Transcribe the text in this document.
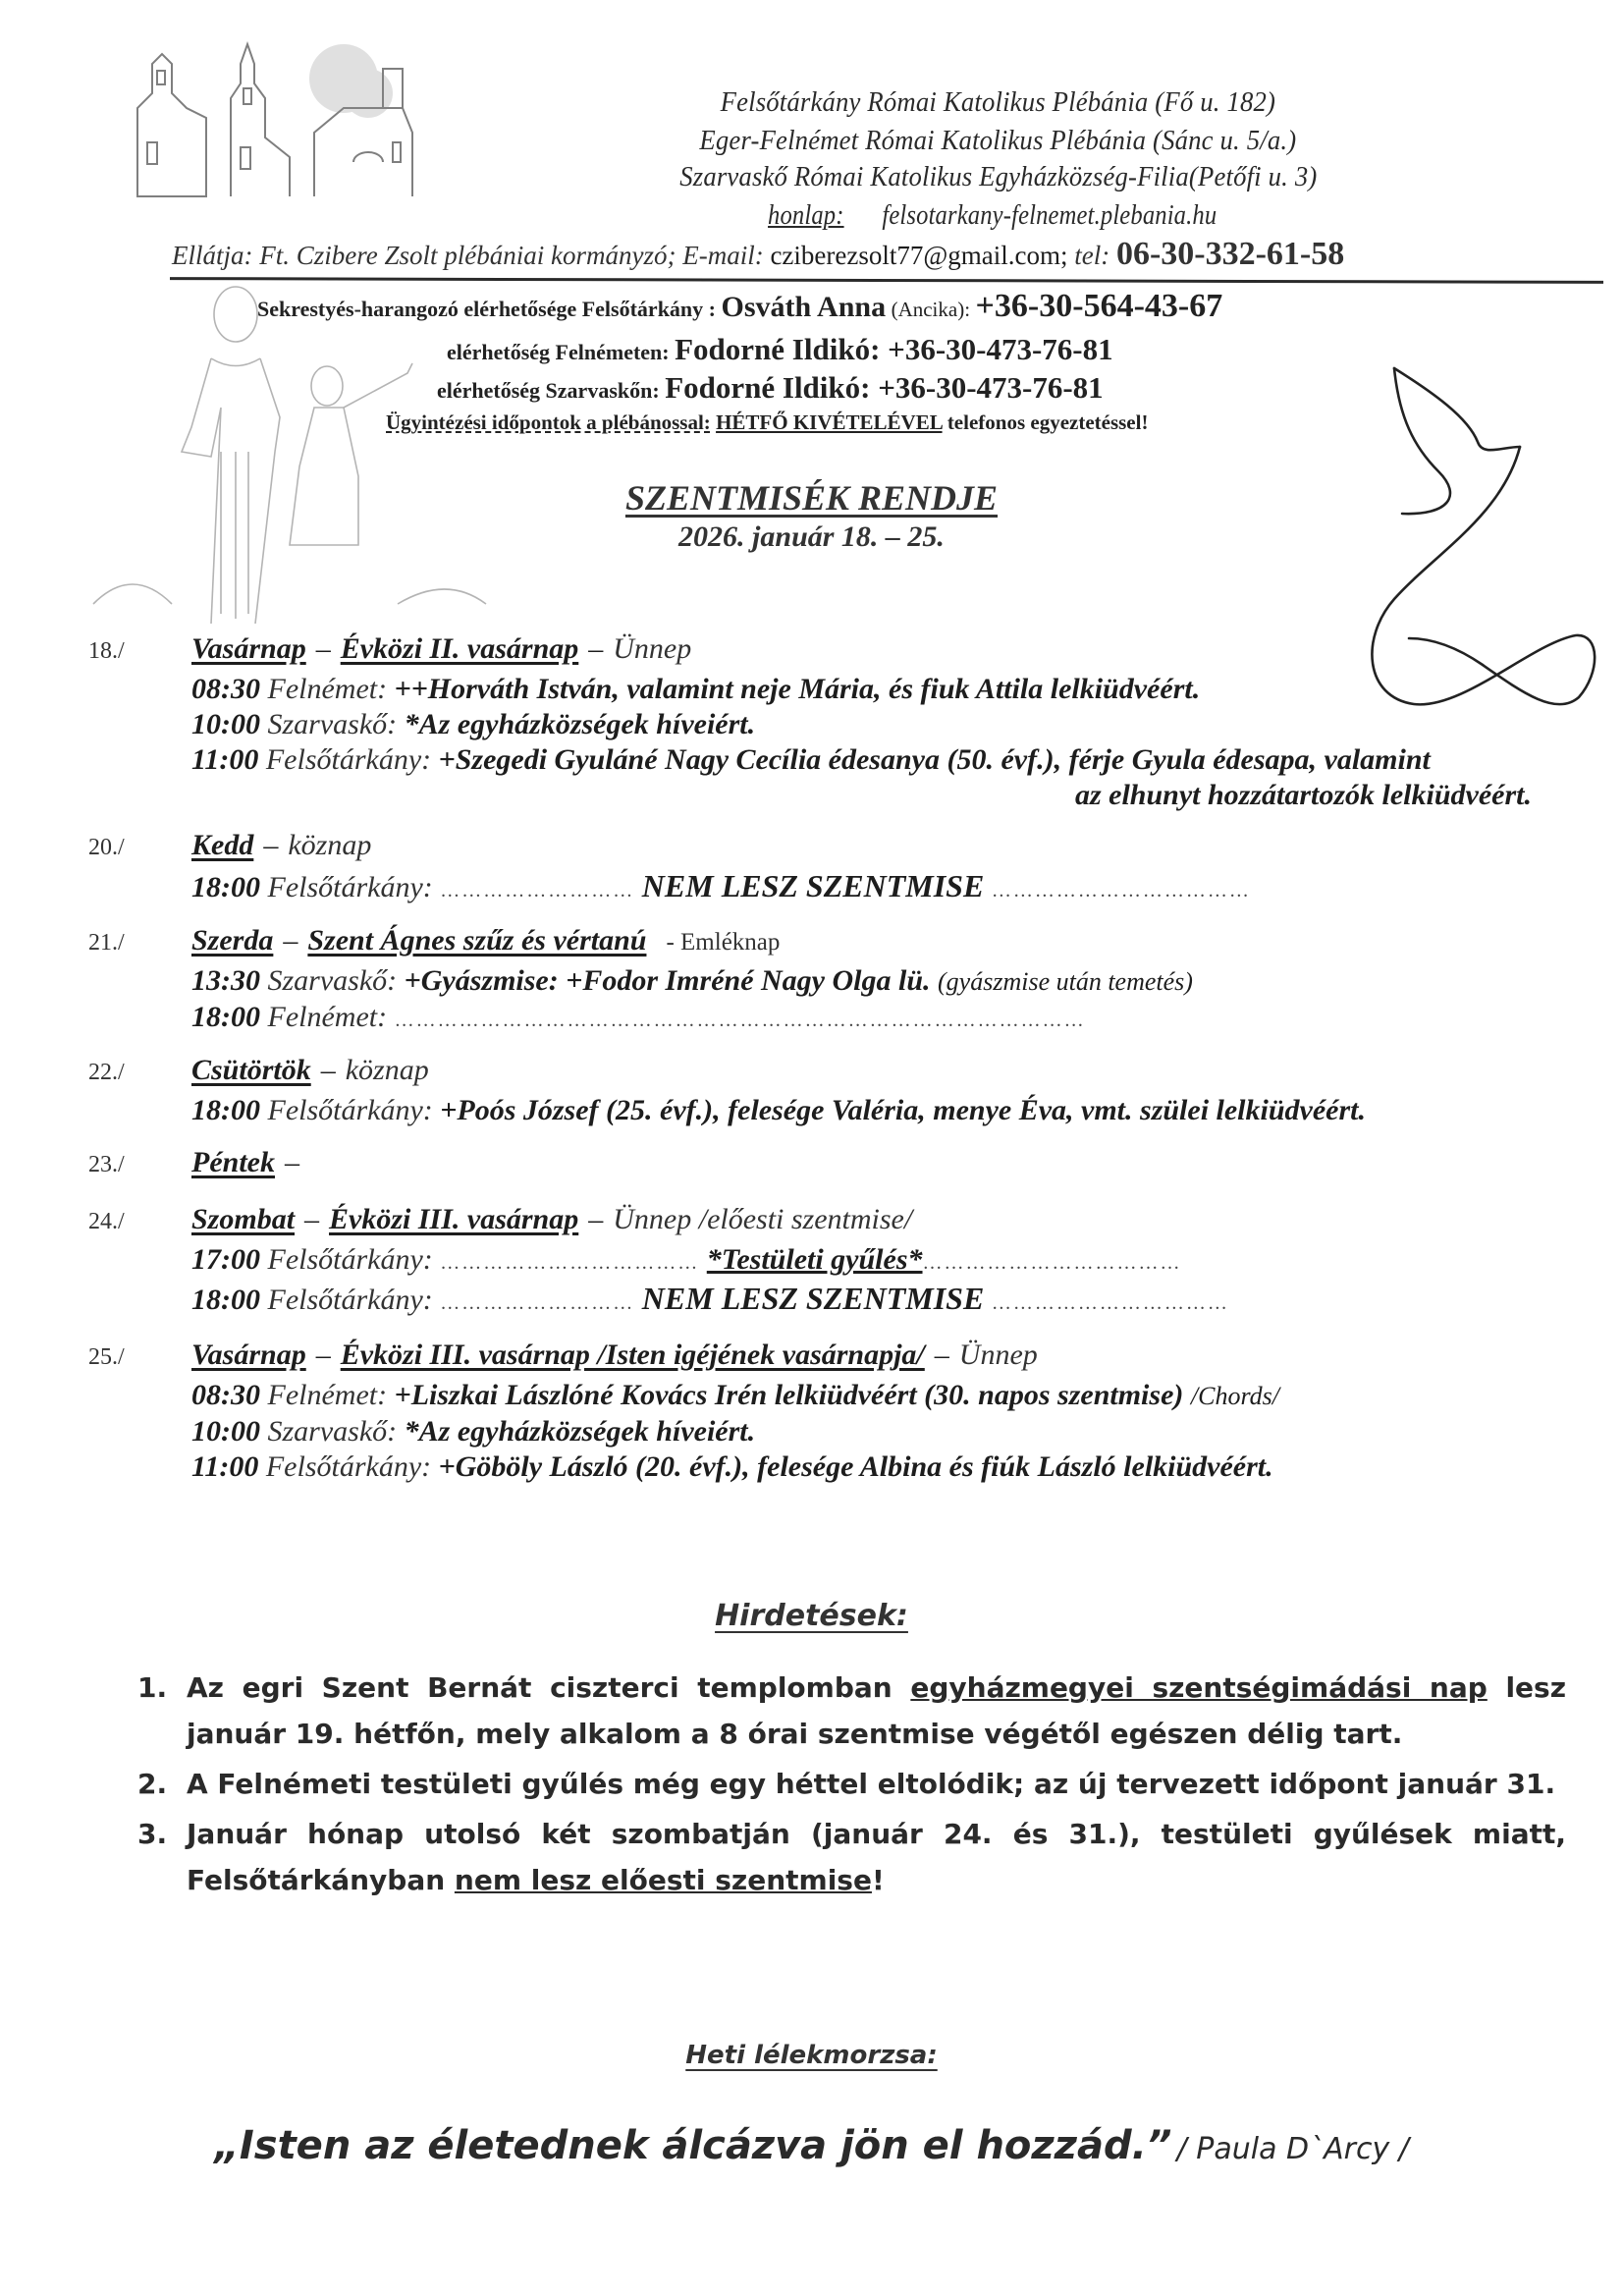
Felsőtárkány Római Katolikus Plébánia (Fő u. 182)
Eger-Felnémet Római Katolikus Plébánia (Sánc u. 5/a.)
Szarvaskő Római Katolikus Egyházközség-Filia(Petőfi u. 3)
honlap: felsotarkany-felnemet.plebania.hu
Ellátja: Ft. Czibere Zsolt plébániai kormányzó; E-mail: cziberezsolt77@gmail.com; tel: 06-30-332-61-58
Sekrestyés-harangozó elérhetősége Felsőtárkány : Osváth Anna (Ancika): +36-30-564-43-67
elérhetőség Felnémeten: Fodorné Ildikó: +36-30-473-76-81
elérhetőség Szarvaskőn: Fodorné Ildikó: +36-30-473-76-81
Ügyintézési időpontok a plébánossal: HÉTFŐ KIVÉTELÉVEL telefonos egyeztetéssel!
SZENTMISÉK RENDJE
2026. január 18. – 25.
18./	Vasárnap – Évközi II. vasárnap – Ünnep
08:30 Felnémet: ++Horváth István, valamint neje Mária, és fiuk Attila lelkiüdvéért.
10:00 Szarvaskő: *Az egyházközségek híveiért.
11:00 Felsőtárkány: +Szegedi Gyuláné Nagy Cecília édesanya (50. évf.), férje Gyula édesapa, valamint
az elhunyt hozzátartozók lelkiüdvéért.
20./	Kedd – köznap
18:00 Felsőtárkány: ……………………… NEM LESZ SZENTMISE ………………………………
21./	Szerda – Szent Ágnes szűz és vértanú - Emléknap
13:30 Szarvaskő: +Gyászmise: +Fodor Imréné Nagy Olga lü. (gyászmise után temetés)
18:00 Felnémet: ……………………………………………………………………………………
22./	Csütörtök – köznap
18:00 Felsőtárkány: +Poós József (25. évf.), felesége Valéria, menye Éva, vmt. szülei lelkiüdvéért.
23./	Péntek –
24./	Szombat – Évközi III. vasárnap – Ünnep /előesti szentmise/
17:00 Felsőtárkány: ……………………………… *Testületi gyűlés*………………………………
18:00 Felsőtárkány: ……………………… NEM LESZ SZENTMISE ……………………………
25./	Vasárnap – Évközi III. vasárnap /Isten igéjének vasárnapja/ – Ünnep
08:30 Felnémet: +Liszkai Lászlóné Kovács Irén lelkiüdvéért (30. napos szentmise) /Chords/
10:00 Szarvaskő: *Az egyházközségek híveiért.
11:00 Felsőtárkány: +Göböly László (20. évf.), felesége Albina és fiúk László lelkiüdvéért.
Hirdetések:
1. Az egri Szent Bernát ciszterci templomban egyházmegyei szentségimádási nap lesz január 19. hétfőn, mely alkalom a 8 órai szentmise végétől egészen délig tart.
2. A Felnémeti testületi gyűlés még egy héttel eltolódik; az új tervezett időpont január 31.
3. Január hónap utolsó két szombatján (január 24. és 31.), testületi gyűlések miatt, Felsőtárkányban nem lesz előesti szentmise!
Heti lélekmorzsa:
„Isten az életednek álcázva jön el hozzád.” / Paula D`Arcy /
